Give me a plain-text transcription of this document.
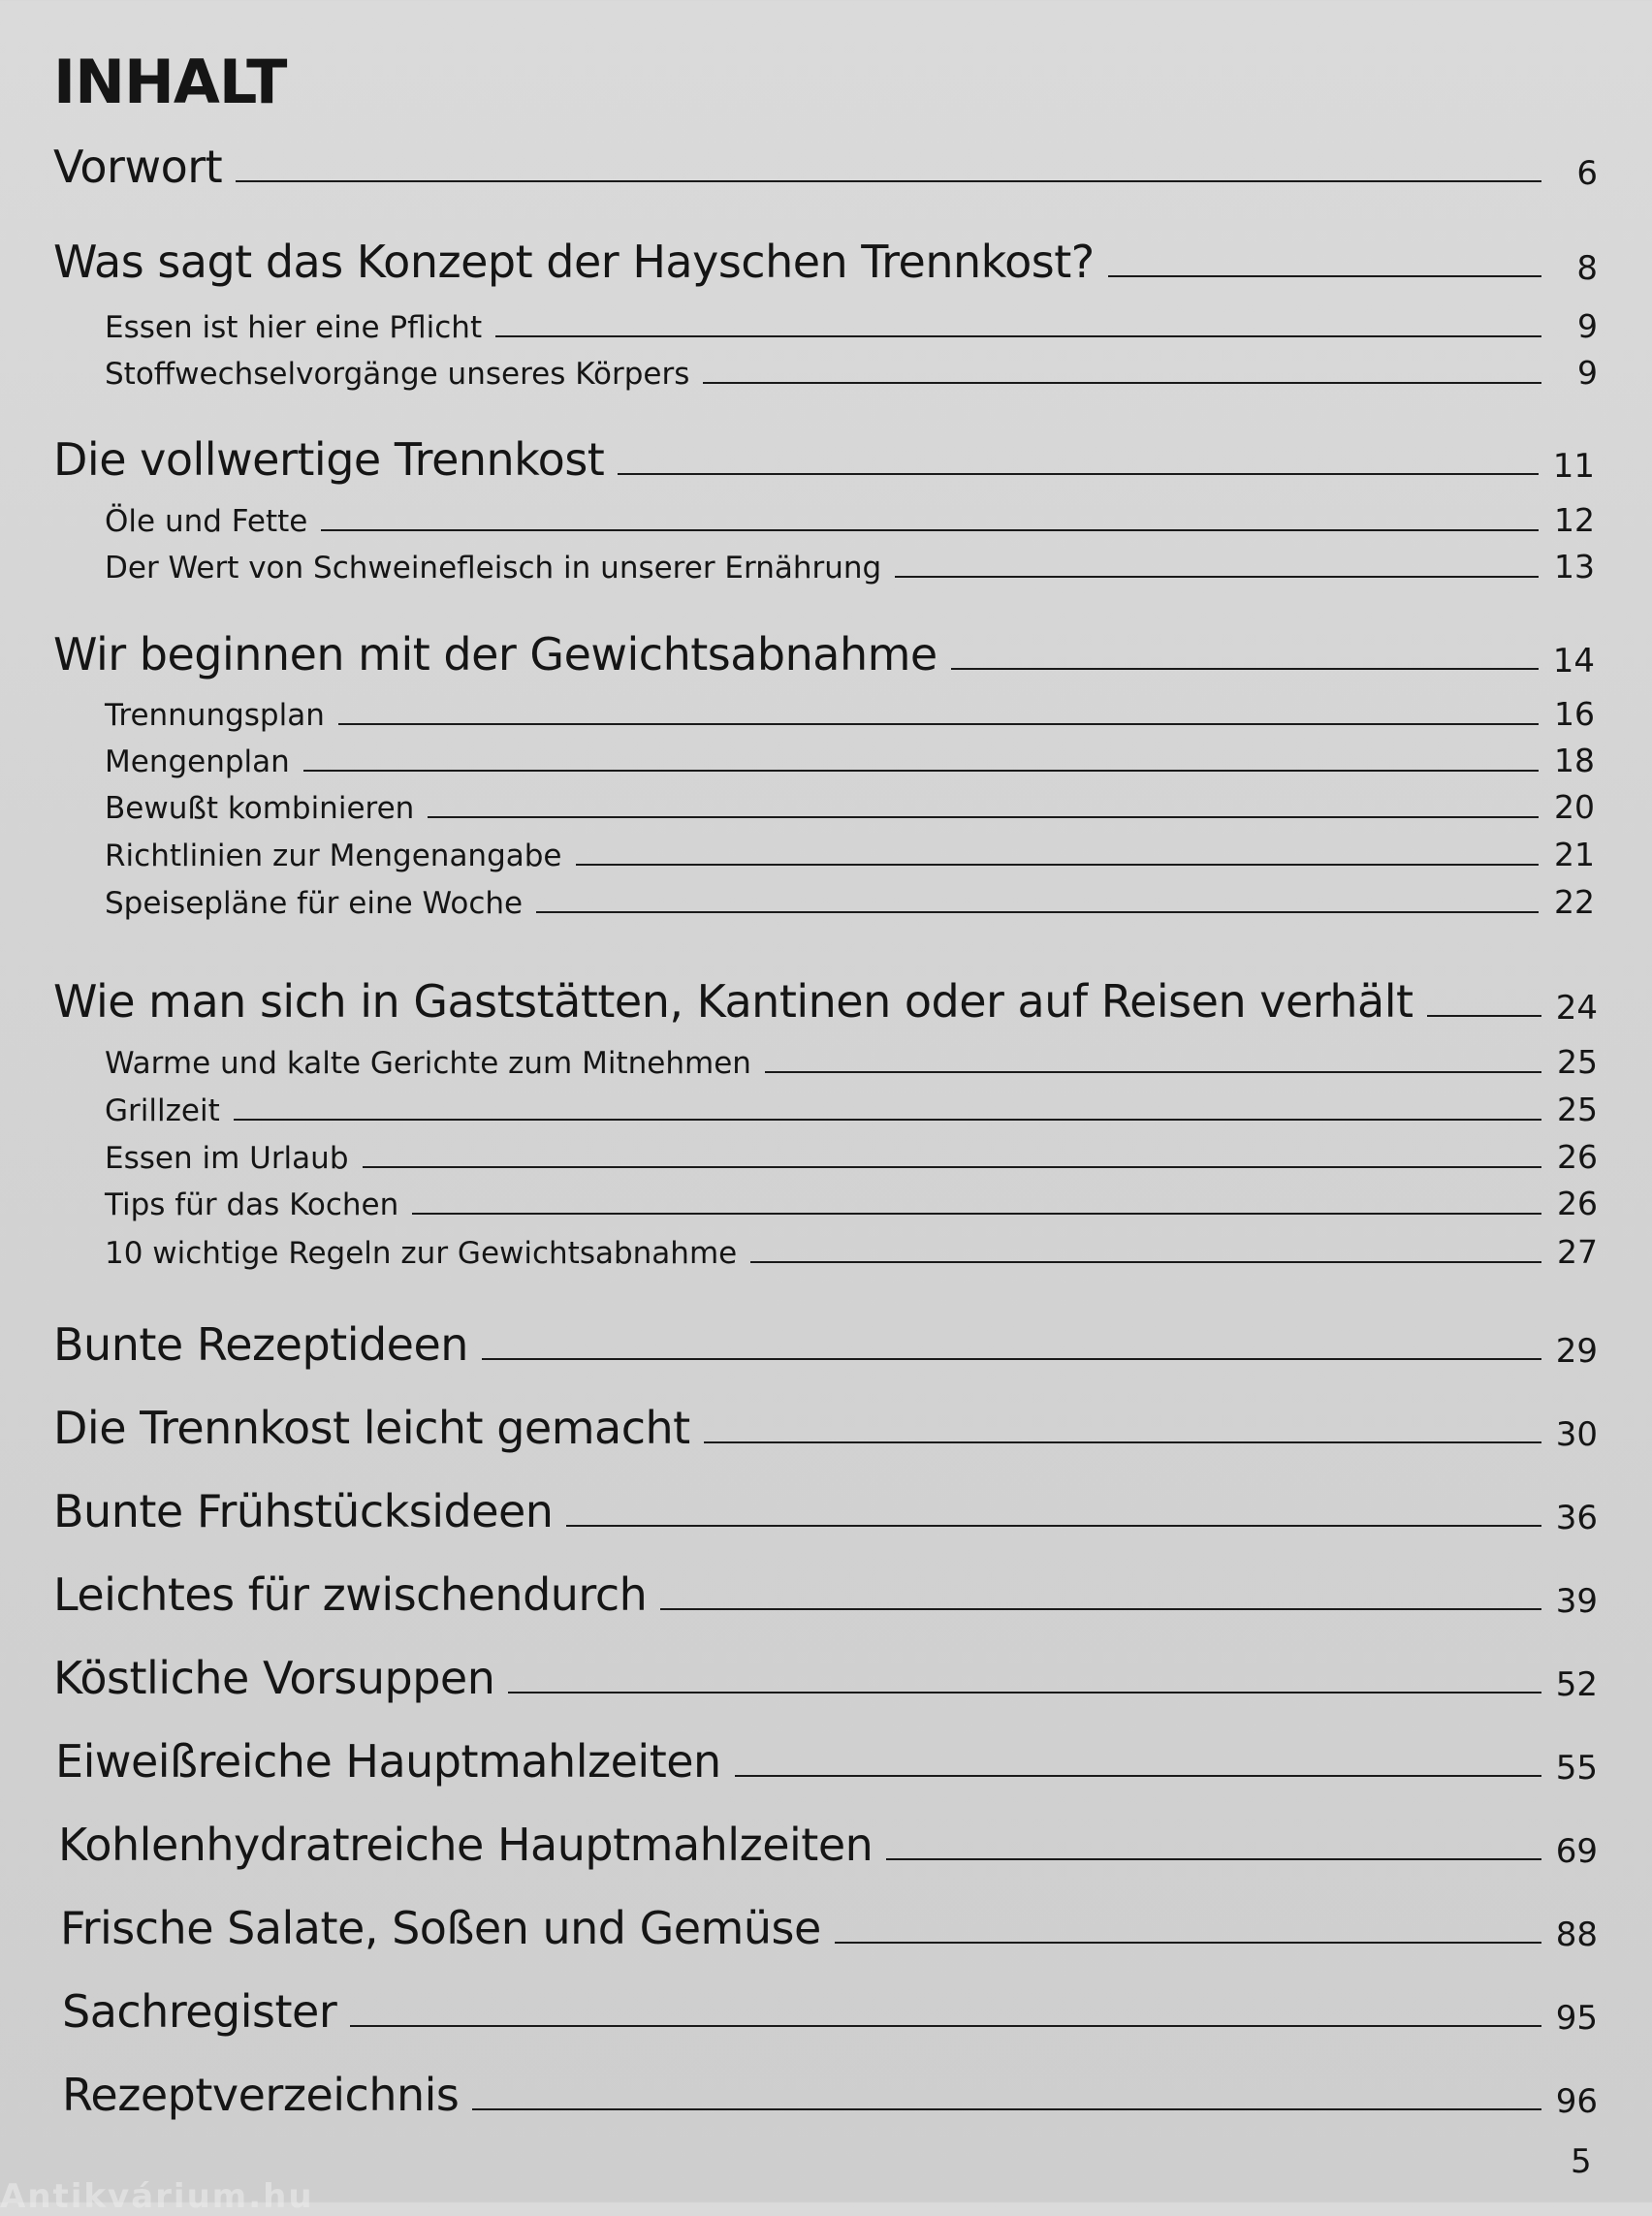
INHALT
Vorwort	6
Was sagt das Konzept der Hayschen Trennkost?	8
Essen ist hier eine Pflicht	9
Stoffwechselvorgänge unseres Körpers	9
Die vollwertige Trennkost	11
Öle und Fette	12
Der Wert von Schweinefleisch in unserer Ernährung	13
Wir beginnen mit der Gewichtsabnahme	14
Trennungsplan	16
Mengenplan	18
Bewußt kombinieren	20
Richtlinien zur Mengenangabe	21
Speisepläne für eine Woche	22
Wie man sich in Gaststätten, Kantinen oder auf Reisen verhält	24
Warme und kalte Gerichte zum Mitnehmen	25
Grillzeit	25
Essen im Urlaub	26
Tips für das Kochen	26
10 wichtige Regeln zur Gewichtsabnahme	27
Bunte Rezeptideen	29
Die Trennkost leicht gemacht	30
Bunte Frühstücksideen	36
Leichtes für zwischendurch	39
Köstliche Vorsuppen	52
Eiweißreiche Hauptmahlzeiten	55
Kohlenhydratreiche Hauptmahlzeiten	69
Frische Salate, Soßen und Gemüse	88
Sachregister	95
Rezeptverzeichnis	96
5
Antikvárium.hu
